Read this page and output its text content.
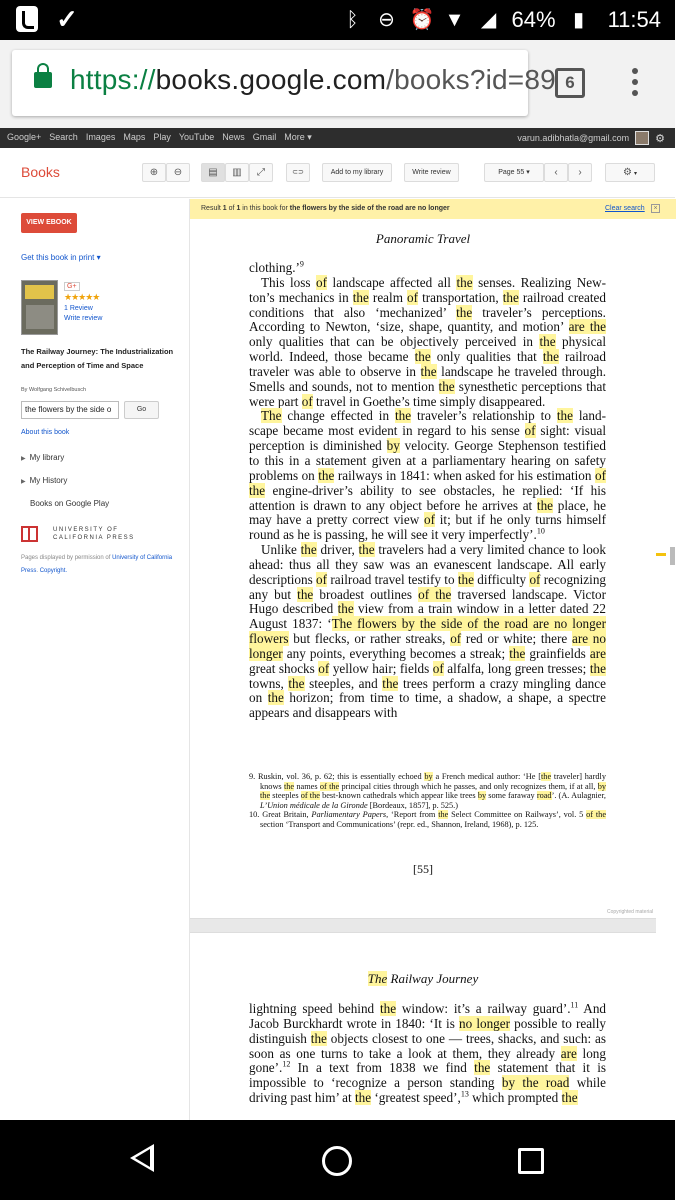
✓	ᛒ ⊖ ⏰ ▼ ◢ 64% ▮ 11:54
https://books.google.com/books?id=89 6
Google+ Search Images Maps Play YouTube News Gmail More ▾	varun.adibhatla@gmail.com ⚙
Books	⊕	⊖	▤	▥	⤢	⊂⊃	Add to my library	Write review	Page 55 ▾	‹	›	⚙ ▾
VIEW EBOOK
Get this book in print ▾
G+
★★★★★
1 Review
Write review
The Railway Journey: The Industrialization and Perception of Time and Space
By Wolfgang Schivelbusch
the flowers by the side o	Go
About this book
▶ My library
▶ My History
Books on Google Play
UNIVERSITY OF CALIFORNIA PRESS
Pages displayed by permission of University of California Press. Copyright.
Result 1 of 1 in this book for the flowers by the side of the road are no longer	Clear search	×
Panoramic Travel

clothing.’$^9$

This loss of landscape affected all the senses. Realizing Newton’s mechanics in the realm of transportation, the railroad created conditions that also ‘mechanized’ the traveler’s perceptions. According to Newton, ‘size, shape, quantity, and motion’ are the only qualities that can be objectively perceived in the physical world. Indeed, those became the only qualities that the railroad traveler was able to observe in the landscape he traveled through. Smells and sounds, not to mention the synesthetic perceptions that were part of travel in Goethe’s time simply disappeared.

The change effected in the traveler’s relationship to the landscape became most evident in regard to his sense of sight: visual perception is diminished by velocity. George Stephenson testified to this in a statement given at a parliamentary hearing on safety problems on the railways in 1841: when asked for his estimation of the engine-driver’s ability to see obstacles, he replied: ‘If his attention is drawn to any object before he arrives at the place, he may have a pretty correct view of it; but if he only turns himself round as he is passing, he will see it very imperfectly’.$^{10}$

Unlike the driver, the travelers had a very limited chance to look ahead: thus all they saw was an evanescent landscape. All early descriptions of railroad travel testify to the difficulty of recognizing any but the broadest outlines of the traversed landscape. Victor Hugo described the view from a train window in a letter dated 22 August 1837: ‘The flowers by the side of the road are no longer flowers but flecks, or rather streaks, of red or white; there are no longer any points, everything becomes a streak; the grainfields are great shocks of yellow hair; fields of alfalfa, long green tresses; the towns, the steeples, and the trees perform a crazy mingling dance on the horizon; from time to time, a shadow, a shape, a spectre appears and disappears with

9. Ruskin, vol. 36, p. 62; this is essentially echoed by a French medical author: ‘He [the traveler] hardly knows the names of the principal cities through which he passes, and only recognizes them, if at all, by the steeples of the best-known cathedrals which appear like trees by some faraway road’. (A. Aulagnier, L’Union médicale de la Gironde [Bordeaux, 1857], p. 525.)

10. Great Britain, Parliamentary Papers, ‘Report from the Select Committee on Railways’, vol. 5 of the section ‘Transport and Communications’ (repr. ed., Shannon, Ireland, 1968), p. 125.

[55]
Copyrighted material
The Railway Journey

lightning speed behind the window: it’s a railway guard’.$^{11}$ And Jacob Burckhardt wrote in 1840: ‘It is no longer possible to really distinguish the objects closest to one — trees, shacks, and such: as soon as one turns to take a look at them, they already are long gone’.$^{12}$ In a text from 1838 we find the statement that it is impossible to ‘recognize a person standing by the road while driving past him’ at the ‘greatest speed’,$^{13}$ which prompted the
